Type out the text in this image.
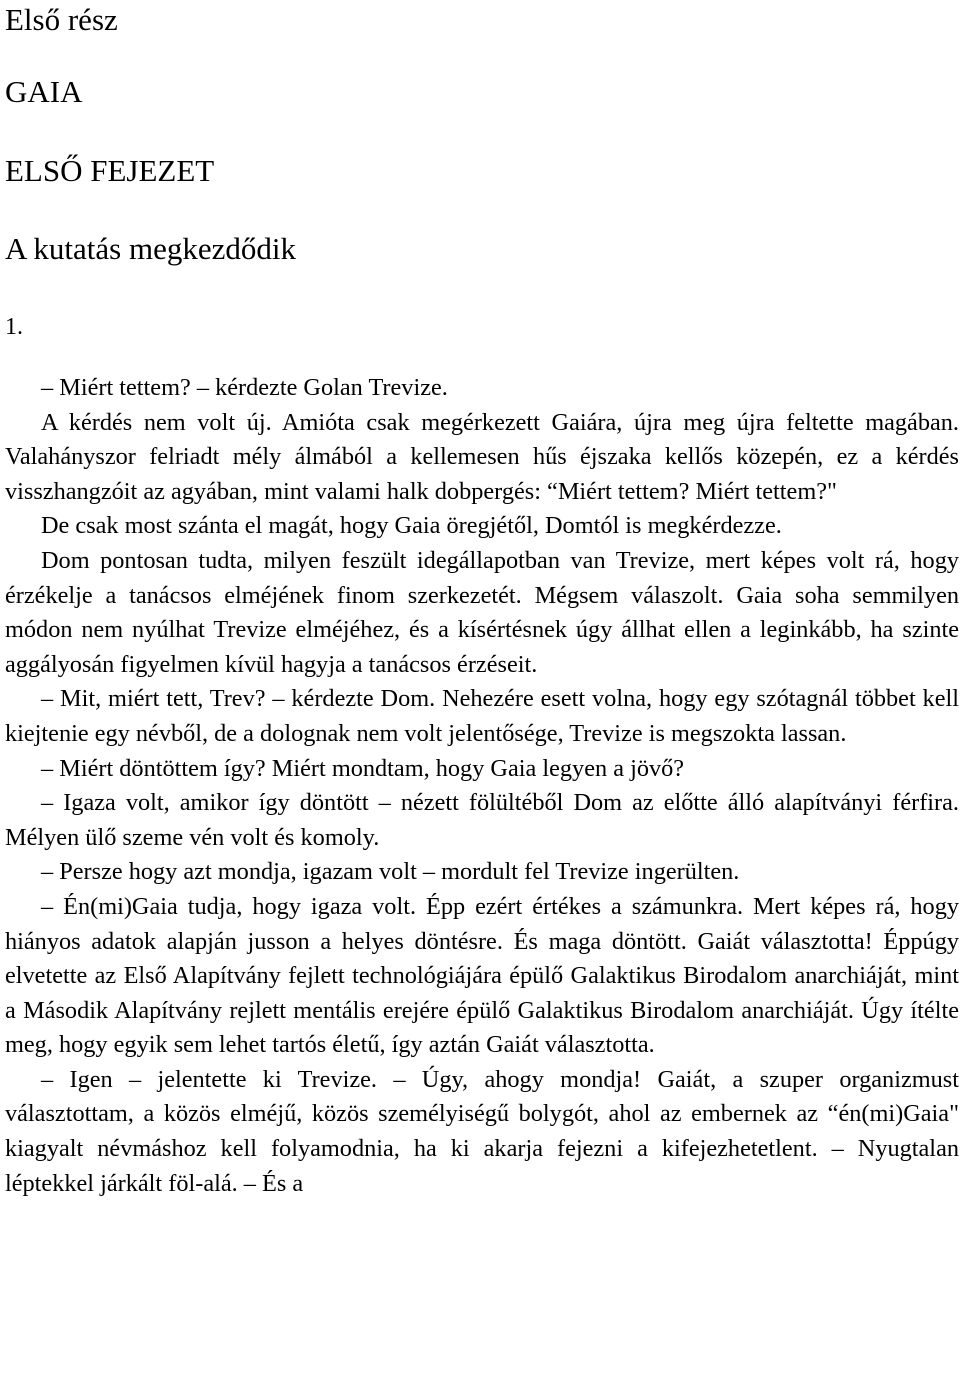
Első rész
GAIA
ELSŐ FEJEZET
A kutatás megkezdődik
1.

– Miért tettem? – kérdezte Golan Trevize.

A kérdés nem volt új. Amióta csak megérkezett Gaiára, újra meg újra feltette magában. Valahányszor felriadt mély álmából a kellemesen hűs éjszaka kellős közepén, ez a kérdés visszhangzóit az agyában, mint valami halk dobpergés: “Miért tettem? Miért tettem?"

De csak most szánta el magát, hogy Gaia öregjétől, Domtól is megkérdezze.

Dom pontosan tudta, milyen feszült idegállapotban van Trevize, mert képes volt rá, hogy érzékelje a tanácsos elméjének finom szerkezetét. Mégsem válaszolt. Gaia soha semmilyen módon nem nyúlhat Trevize elméjéhez, és a kísértésnek úgy állhat ellen a leginkább, ha szinte aggályosán figyelmen kívül hagyja a tanácsos érzéseit.

– Mit, miért tett, Trev? – kérdezte Dom. Nehezére esett volna, hogy egy szótagnál többet kell kiejtenie egy névből, de a dolognak nem volt jelentősége, Trevize is megszokta lassan.

– Miért döntöttem így? Miért mondtam, hogy Gaia legyen a jövő?

– Igaza volt, amikor így döntött – nézett fölültéből Dom az előtte álló alapítványi férfira. Mélyen ülő szeme vén volt és komoly.

– Persze hogy azt mondja, igazam volt – mordult fel Trevize ingerülten.

– Én(mi)Gaia tudja, hogy igaza volt. Épp ezért értékes a számunkra. Mert képes rá, hogy hiányos adatok alapján jusson a helyes döntésre. És maga döntött. Gaiát választotta! Éppúgy elvetette az Első Alapítvány fejlett technológiájára épülő Galaktikus Birodalom anarchiáját, mint a Második Alapítvány rejlett mentális erejére épülő Galaktikus Birodalom anarchiáját. Úgy ítélte meg, hogy egyik sem lehet tartós életű, így aztán Gaiát választotta.

– Igen – jelentette ki Trevize. – Úgy, ahogy mondja! Gaiát, a szuper organizmust választottam, a közös elméjű, közös személyiségű bolygót, ahol az embernek az “én(mi)Gaia" kiagyalt névmáshoz kell folyamodnia, ha ki akarja fejezni a kifejezhetetlent. – Nyugtalan léptekkel járkált föl-alá. – És a
